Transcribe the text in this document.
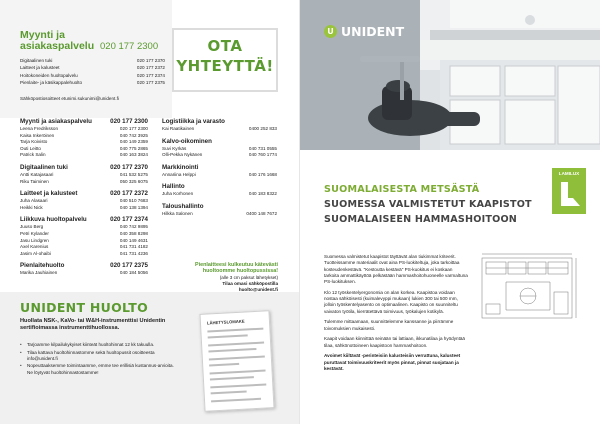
Myynti ja asiakaspalvelu 020 177 2300
Digitaalinen tuki	020 177 2370
Laitteet ja kalusteet	020 177 2372
Hoitokoneiden huoltopalvelu	020 177 2374
Pienlaite- ja käsikappalehuolto	020 177 2375
Sähköpostiosoitteet etunimi.sukunimi@unident.fi
OTA
YHTEYTTÄ!
Myynti ja asiakaspalvelu	020 177 2300
Leena Fredriksson	020 177 2300
Kaisa Inkeröinen	040 742 3925
Tarja Koivisto	040 149 2359
Outi Leitto	040 775 2865
Patrick Salin	040 163 3824
Digitaalinen tuki	020 177 2370
Antti Katajasaari	041 532 5275
Riku Taiminen	050 325 6075
Laitteet ja kalusteet	020 177 2372
Juha Alasaari	040 510 7683
Heikki Nick	040 138 1394
Liikkuva huoltopalvelu	020 177 2374
Juuso Berg	040 742 9895
Petri Kylander	040 358 8298
Jasu Lindgren	040 149 4631
Axel Karenius	041 731 4182
Jasim Al-ohaibi	041 731 4236
Pienlaitehuolto	020 177 2375
Marika Jauhiainen	040 184 5056
Logistiikka ja varasto
Kai Raatikainen	0400 252 833
Kalvo-oikominen
Suvi Kyrkäs	040 731 0555
Olli-Pekka Nykänen	040 760 1774
Markkinointi
Annariina Helppi	040 176 1668
Hallinto
Juha Korhonen	040 183 8322
Taloushallinto
Hilkka Salonen	0400 148 7672
Pienlaitteesi kulkeutuu kätevästi
huoltoomme huoltopussissa!
(alle 3 cm paksut lähetykset)
Tilaa omasi sähköpostilla
huolto@unident.fi
UNIDENT HUOLTO
Huollata NSK-, KaVo- tai W&H-instrumenttisi Unidentin sertifioimassa instrumenttihuollossa.
• Tarjoamme kilpailukykyiset kiinteät huoltohinnat 12 kk takuulla.
• Tilaa kattava huoltohinnastomme sekä huoltopussit osoitteesta info@unident.fi
• Nopeuttaaksemme toimintaamme, emme tee erillisiä kustannus-arvioita. Ne löytyvät huoltohinnastostamme!
LÄHETYSLOMAKE
U UNIDENT
LAMILUX
SUOMALAISESTA METSÄSTÄ
SUOMESSA VALMISTETUT KAAPISTOT
SUOMALAISEEN HAMMASHOITOON

Suomessa valmistetut kaapistot täyttävät alan tiukimmat kriteerit. Tuotteissamme materiaalit ovat aina PS-luokiteltuja, joka tarkoittaa kosteudenkestävä. "Kestoutta kestävä" PS-kuokitus ei koskaan tarkoita ammattikäyttöä pelkästään hammashoitohuoneelle varmaltuna PS-luokituksen.

Klo 12 työskentelyergonomia on alan korkea. Kaapistoa voidaan nostaa sähköisesti (kuimalevyppi mukaan) lukien 300 tai 500 mm, jolloin työskentelyasento on optimaalinen. Kaapisto on suunniteltu vaivaton työtila, kierrätettävä toimivuus, työkalujen kotikylä.

Tulemme mittaamaan, suunnittelemme kanssanne ja piirrämme toivomuksien mukaisesti.

Kaapit voidaan kiinnittää seinään tai lattiaan, ikkunatilaa ja hyödyntää tilaa, sähkönottoineen kaapistoon hammashoitoon.

Avoimet kiiltävät -perinteisiin kalusteisiin verrattuna, kalusteet puruttavat toimivuuskriteerit myös pinnat, pinnat suojataan ja kestävät.
